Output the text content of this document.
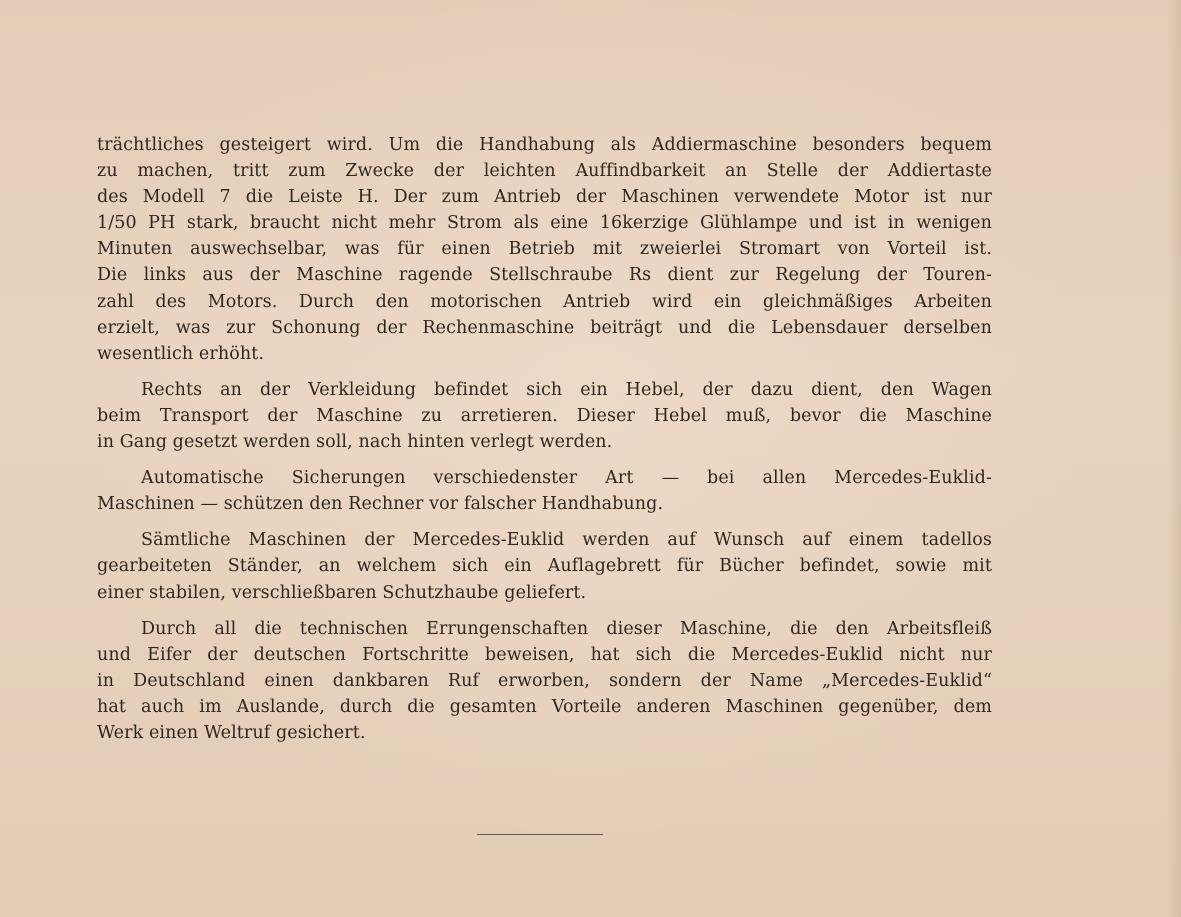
trächtliches gesteigert wird. Um die Handhabung als Addiermaschine besonders bequem
zu machen, tritt zum Zwecke der leichten Auffindbarkeit an Stelle der Addiertaste
des Modell 7 die Leiste H. Der zum Antrieb der Maschinen verwendete Motor ist nur
1/50 PH stark, braucht nicht mehr Strom als eine 16kerzige Glühlampe und ist in wenigen
Minuten auswechselbar, was für einen Betrieb mit zweierlei Stromart von Vorteil ist.
Die links aus der Maschine ragende Stellschraube Rs dient zur Regelung der Touren-
zahl des Motors. Durch den motorischen Antrieb wird ein gleichmäßiges Arbeiten
erzielt, was zur Schonung der Rechenmaschine beiträgt und die Lebensdauer derselben
wesentlich erhöht.
Rechts an der Verkleidung befindet sich ein Hebel, der dazu dient, den Wagen
beim Transport der Maschine zu arretieren. Dieser Hebel muß, bevor die Maschine
in Gang gesetzt werden soll, nach hinten verlegt werden.
Automatische Sicherungen verschiedenster Art — bei allen Mercedes-Euklid-
Maschinen — schützen den Rechner vor falscher Handhabung.
Sämtliche Maschinen der Mercedes-Euklid werden auf Wunsch auf einem tadellos
gearbeiteten Ständer, an welchem sich ein Auflagebrett für Bücher befindet, sowie mit
einer stabilen, verschließbaren Schutzhaube geliefert.
Durch all die technischen Errungenschaften dieser Maschine, die den Arbeitsfleiß
und Eifer der deutschen Fortschritte beweisen, hat sich die Mercedes-Euklid nicht nur
in Deutschland einen dankbaren Ruf erworben, sondern der Name „Mercedes-Euklid“
hat auch im Auslande, durch die gesamten Vorteile anderen Maschinen gegenüber, dem
Werk einen Weltruf gesichert.
